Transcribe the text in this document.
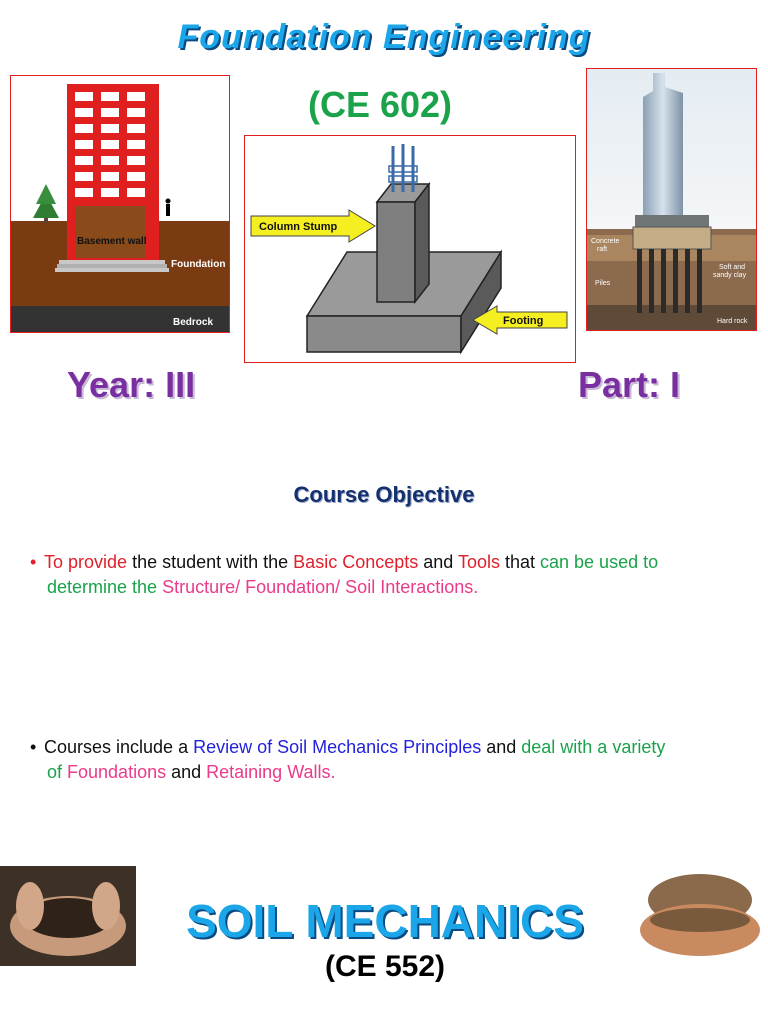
Foundation Engineering
(CE 602)
Basement wall
Foundation
Bedrock
Column Stump
Footing
Concrete
raft
Soft and
sandy clay
Piles
Hard rock
Year: III	Part: I
Course Objective
• To provide the student with the Basic Concepts and Tools that can be used to
determine the Structure/ Foundation/ Soil Interactions.
• Courses include a Review of Soil Mechanics Principles and deal with a variety
of Foundations and Retaining Walls.
SOIL MECHANICS
(CE 552)
